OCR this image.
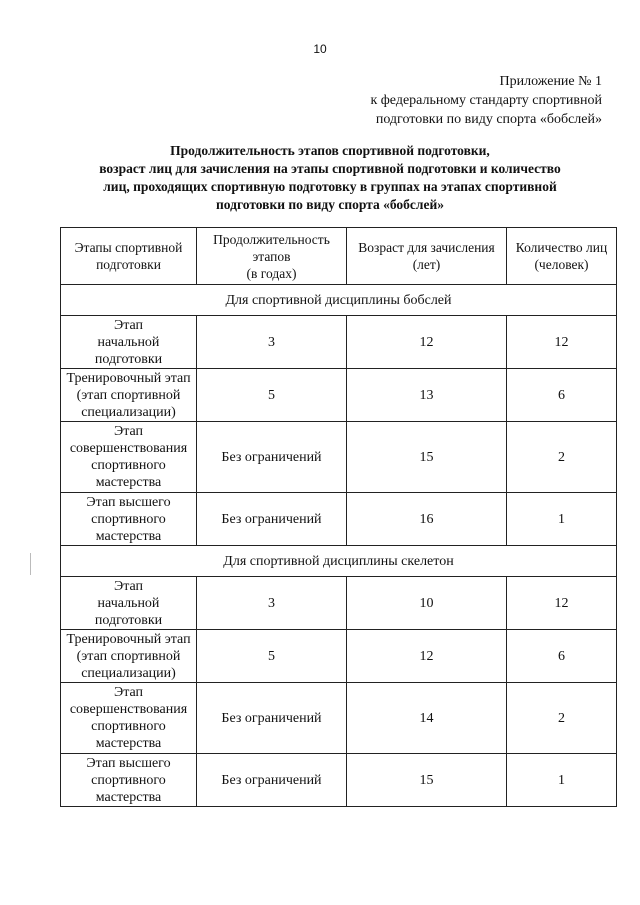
10
Приложение № 1
к федеральному стандарту спортивной
подготовки по виду спорта «бобслей»
Продолжительность этапов спортивной подготовки,
возраст лиц для зачисления на этапы спортивной подготовки и количество
лиц, проходящих спортивную подготовку в группах на этапах спортивной
подготовки по виду спорта «бобслей»
Этапы спортивной
подготовки	Продолжительность
этапов
(в годах)	Возраст для зачисления
(лет)	Количество лиц
(человек)
Для спортивной дисциплины бобслей			
Этап
начальной
подготовки	3	12	12
Тренировочный этап
(этап спортивной
специализации)	5	13	6
Этап
совершенствования
спортивного
мастерства	Без ограничений	15	2
Этап высшего
спортивного
мастерства	Без ограничений	16	1
Для спортивной дисциплины скелетон			
Этап
начальной
подготовки	3	10	12
Тренировочный этап
(этап спортивной
специализации)	5	12	6
Этап
совершенствования
спортивного
мастерства	Без ограничений	14	2
Этап высшего
спортивного
мастерства	Без ограничений	15	1
